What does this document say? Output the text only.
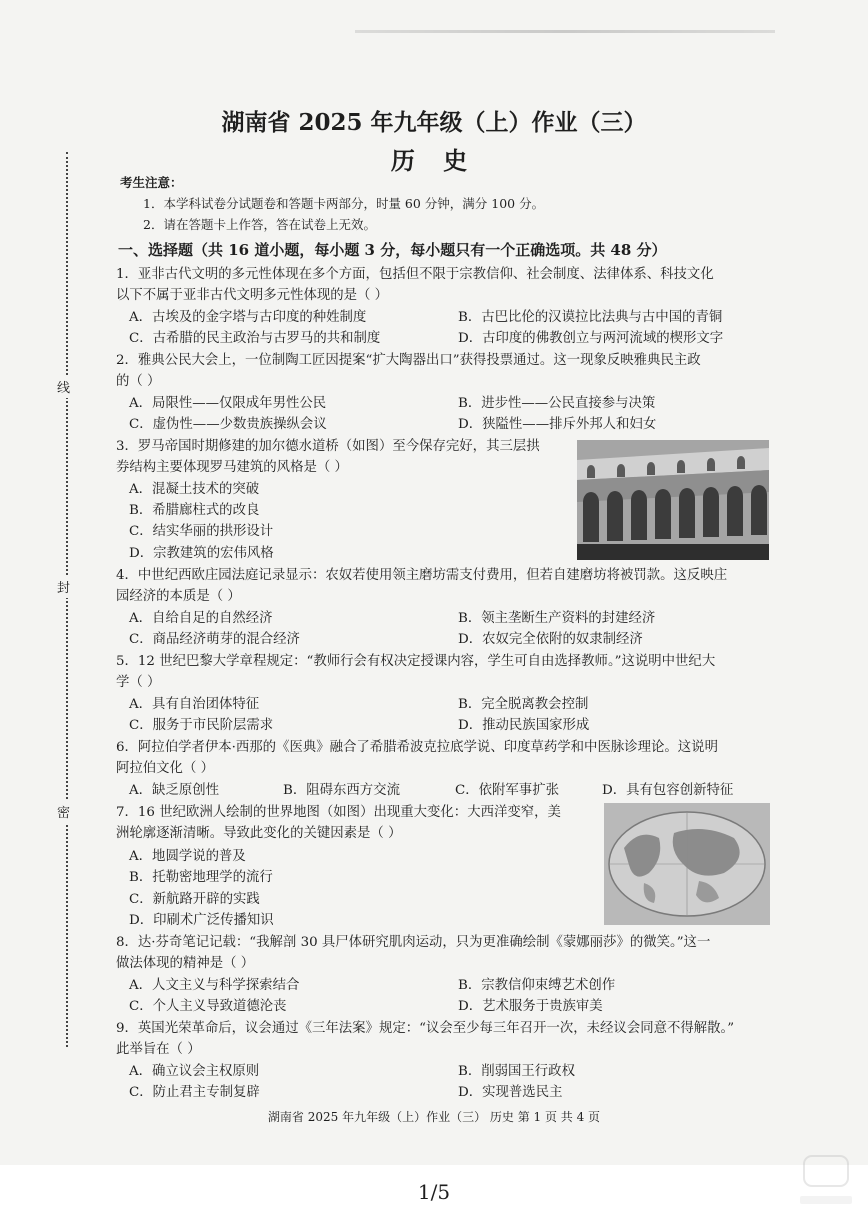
线
封
密
湖南省 2025 年九年级（上）作业（三）
历 史
考生注意：
1．本学科试卷分试题卷和答题卡两部分，时量 60 分钟，满分 100 分。
2．请在答题卡上作答，答在试卷上无效。
一、选择题（共 16 道小题，每小题 3 分，每小题只有一个正确选项。共 48 分）
1．亚非古代文明的多元性体现在多个方面，包括但不限于宗教信仰、社会制度、法律体系、科技文化
以下不属于亚非古代文明多元性体现的是（ ）
A．古埃及的金字塔与古印度的种姓制度	B．古巴比伦的汉谟拉比法典与古中国的青铜
C．古希腊的民主政治与古罗马的共和制度	D．古印度的佛教创立与两河流域的楔形文字
2．雅典公民大会上，一位制陶工匠因提案“扩大陶器出口”获得投票通过。这一现象反映雅典民主政
的（ ）
A．局限性——仅限成年男性公民	B．进步性——公民直接参与决策
C．虚伪性——少数贵族操纵会议	D．狭隘性——排斥外邦人和妇女
3．罗马帝国时期修建的加尔德水道桥（如图）至今保存完好，其三层拱
券结构主要体现罗马建筑的风格是（ ）
A．混凝土技术的突破
B．希腊廊柱式的改良
C．结实华丽的拱形设计
D．宗教建筑的宏伟风格
4．中世纪西欧庄园法庭记录显示：农奴若使用领主磨坊需支付费用，但若自建磨坊将被罚款。这反映庄
园经济的本质是（ ）
A．自给自足的自然经济	B．领主垄断生产资料的封建经济
C．商品经济萌芽的混合经济	D．农奴完全依附的奴隶制经济
5．12 世纪巴黎大学章程规定：“教师行会有权决定授课内容，学生可自由选择教师。”这说明中世纪大
学（ ）
A．具有自治团体特征	B．完全脱离教会控制
C．服务于市民阶层需求	D．推动民族国家形成
6．阿拉伯学者伊本·西那的《医典》融合了希腊希波克拉底学说、印度草药学和中医脉诊理论。这说明
阿拉伯文化（ ）
A．缺乏原创性	B．阻碍东西方交流	C．依附军事扩张	D．具有包容创新特征
7．16 世纪欧洲人绘制的世界地图（如图）出现重大变化：大西洋变窄，美
洲轮廓逐渐清晰。导致此变化的关键因素是（ ）
A．地圆学说的普及
B．托勒密地理学的流行
C．新航路开辟的实践
D．印刷术广泛传播知识
8．达·芬奇笔记记载：“我解剖 30 具尸体研究肌肉运动，只为更准确绘制《蒙娜丽莎》的微笑。”这一
做法体现的精神是（ ）
A．人文主义与科学探索结合	B．宗教信仰束缚艺术创作
C．个人主义导致道德沦丧	D．艺术服务于贵族审美
9．英国光荣革命后，议会通过《三年法案》规定：“议会至少每三年召开一次，未经议会同意不得解散。”
此举旨在（ ）
A．确立议会主权原则	B．削弱国王行政权
C．防止君主专制复辟	D．实现普选民主
湖南省 2025 年九年级（上）作业（三） 历史 第 1 页 共 4 页
1/5
